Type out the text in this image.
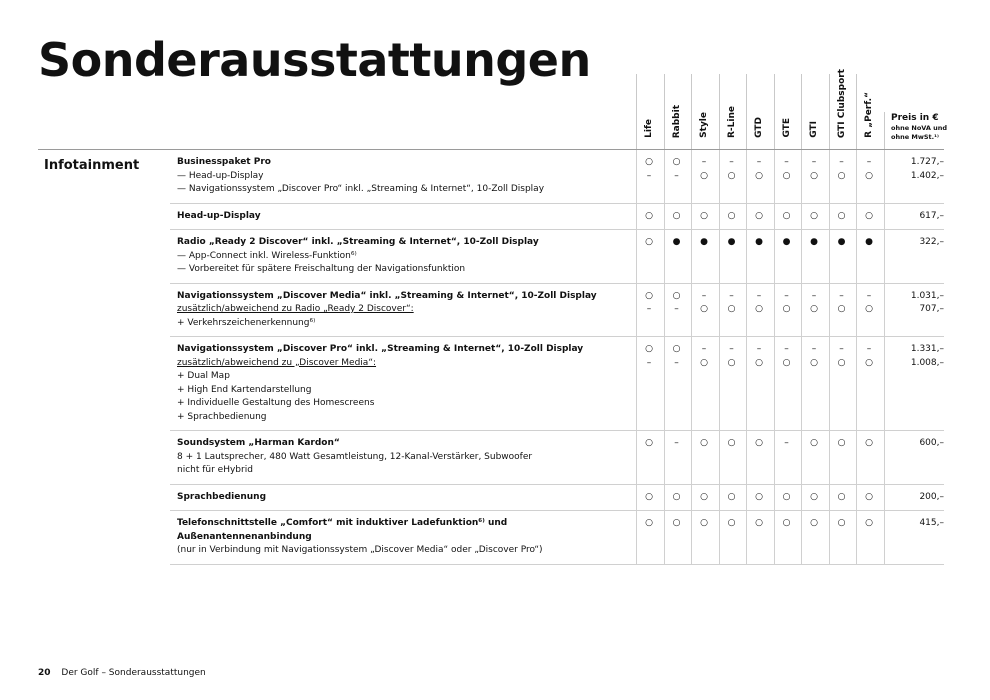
Sonderausstattungen
Preis in €
ohne NoVA und
ohne MwSt.¹⁾
Life Rabbit Style R-Line GTD GTE GTI GTI Clubsport R „Perf.“
Infotainment	Businesspaket Pro
— Head-up-Display
— Navigationssystem „Discover Pro“ inkl. „Streaming & Internet“, 10-Zoll Display
○	○	–	–	–	–	–	–	–	1.727,–
–	–	○	○	○	○	○	○	○	1.402,–
Head-up-Display	○	○	○	○	○	○	○	○	○	617,–
Radio „Ready 2 Discover“ inkl. „Streaming & Internet“, 10-Zoll Display
— App-Connect inkl. Wireless-Funktion⁶⁾
— Vorbereitet für spätere Freischaltung der Navigationsfunktion
○	●	●	●	●	●	●	●	●	322,–
Navigationssystem „Discover Media“ inkl. „Streaming & Internet“, 10-Zoll Display
zusätzlich/abweichend zu Radio „Ready 2 Discover“:
+ Verkehrszeichenerkennung⁶⁾
○	○	–	–	–	–	–	–	–	1.031,–
–	–	○	○	○	○	○	○	○	707,–
Navigationssystem „Discover Pro“ inkl. „Streaming & Internet“, 10-Zoll Display
zusätzlich/abweichend zu „Discover Media“:
+ Dual Map
+ High End Kartendarstellung
+ Individuelle Gestaltung des Homescreens
+ Sprachbedienung
○	○	–	–	–	–	–	–	–	1.331,–
–	–	○	○	○	○	○	○	○	1.008,–
Soundsystem „Harman Kardon“
8 + 1 Lautsprecher, 480 Watt Gesamtleistung, 12-Kanal-Verstärker, Subwoofer
nicht für eHybrid
○	–	○	○	○	–	○	○	○	600,–
Sprachbedienung	○	○	○	○	○	○	○	○	○	200,–
Telefonschnittstelle „Comfort“ mit induktiver Ladefunktion⁶⁾ und Außenantennenanbindung
(nur in Verbindung mit Navigationssystem „Discover Media“ oder „Discover Pro“)
○	○	○	○	○	○	○	○	○	415,–
20 Der Golf – Sonderausstattungen
